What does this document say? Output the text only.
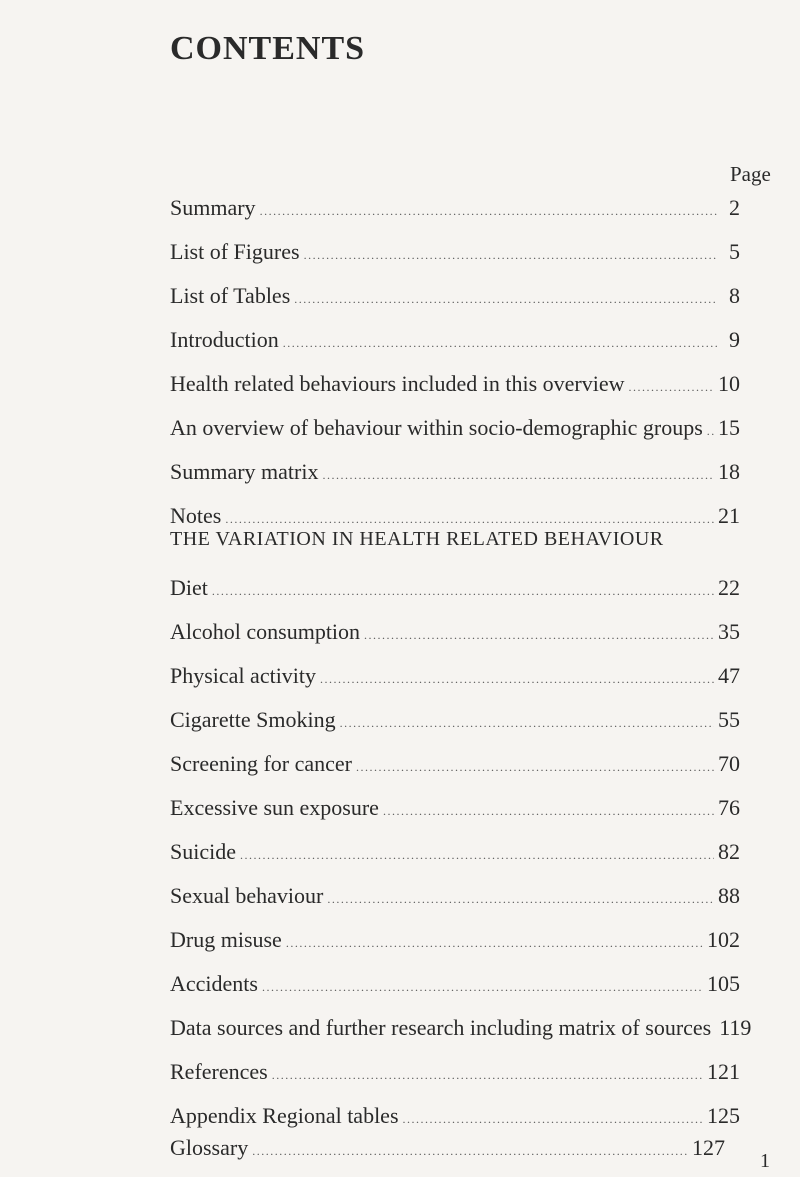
CONTENTS
Page
Summary .....	2
List of Figures .....	5
List of Tables .....	8
Introduction .....	9
Health related behaviours included in this overview .....	10
An overview of behaviour within socio-demographic groups ..... 15
Summary matrix .....	18
Notes .....	21
THE VARIATION IN HEALTH RELATED BEHAVIOUR
Diet .....	22
Alcohol consumption .....	35
Physical activity .....	47
Cigarette Smoking .....	55
Screening for cancer .....	70
Excessive sun exposure .....	76
Suicide .....	82
Sexual behaviour .....	88
Drug misuse .....	102
Accidents .....	105
Data sources and further research including matrix of sources 119
References .....	121
Appendix Regional tables .....	125
Glossary .....	127
1
